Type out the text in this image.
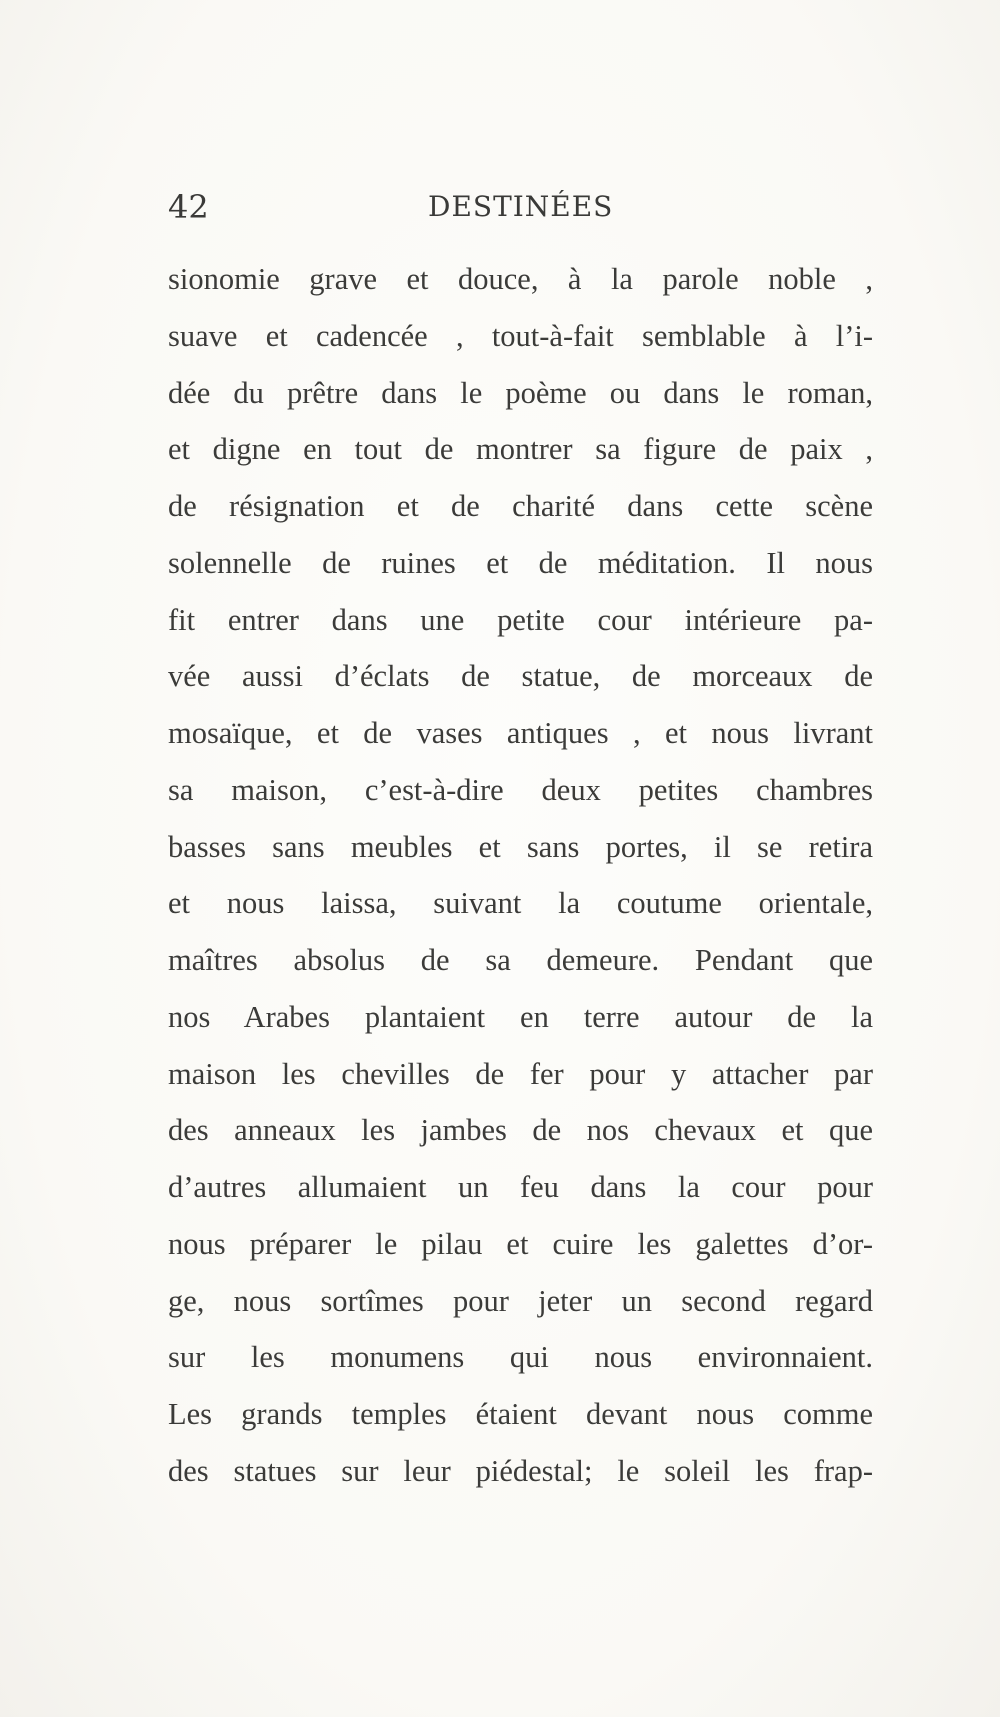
42	DESTINÉES
sionomie grave et douce, à la parole noble ,
suave et cadencée , tout-à-fait semblable à l’i-
dée du prêtre dans le poème ou dans le roman,
et digne en tout de montrer sa figure de paix ,
de résignation et de charité dans cette scène
solennelle de ruines et de méditation. Il nous
fit entrer dans une petite cour intérieure pa-
vée aussi d’éclats de statue, de morceaux de
mosaïque, et de vases antiques , et nous livrant
sa maison, c’est-à-dire deux petites chambres
basses sans meubles et sans portes, il se retira
et nous laissa, suivant la coutume orientale,
maîtres absolus de sa demeure. Pendant que
nos Arabes plantaient en terre autour de la
maison les chevilles de fer pour y attacher par
des anneaux les jambes de nos chevaux et que
d’autres allumaient un feu dans la cour pour
nous préparer le pilau et cuire les galettes d’or-
ge, nous sortîmes pour jeter un second regard
sur les monumens qui nous environnaient.
Les grands temples étaient devant nous comme
des statues sur leur piédestal; le soleil les frap-
